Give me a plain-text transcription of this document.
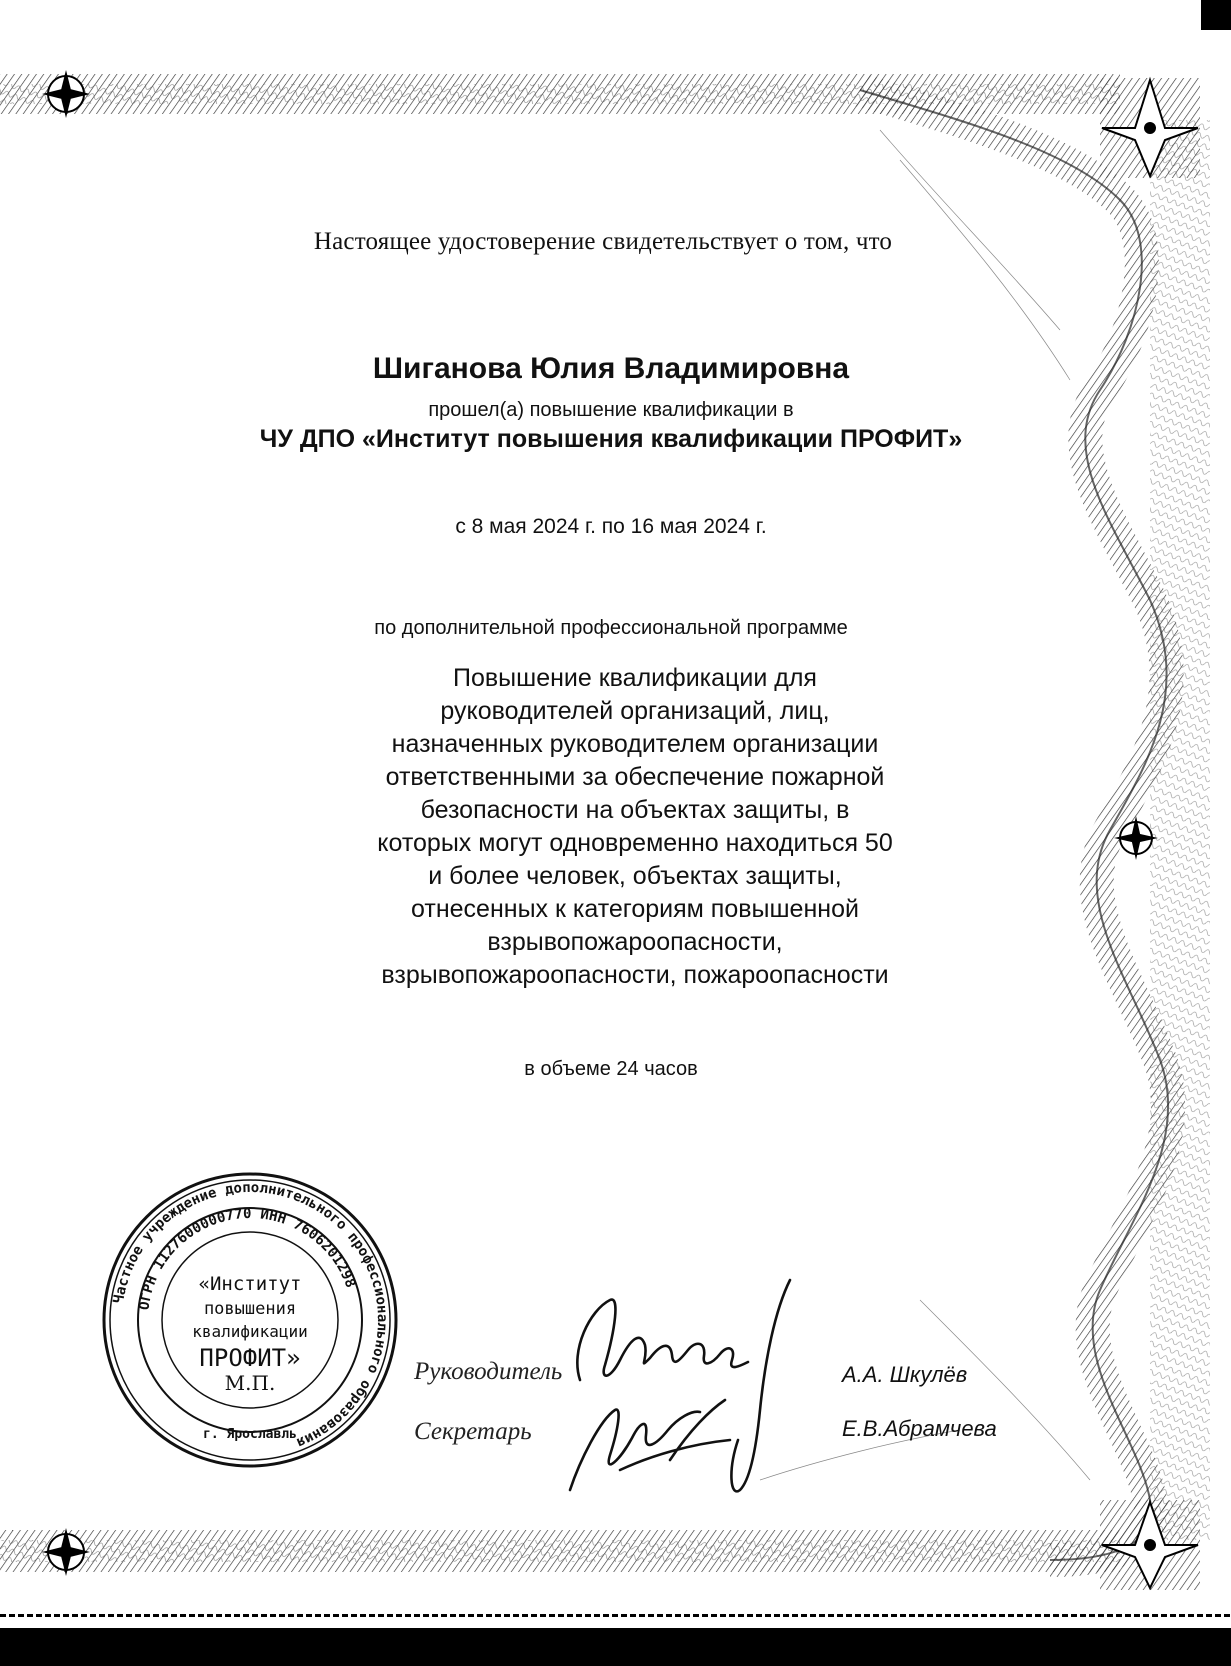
Настоящее удостоверение свидетельствует о том, что
Шиганова Юлия Владимировна
прошел(а) повышение квалификации в
ЧУ ДПО «Институт повышения квалификации ПРОФИТ»
с 8 мая 2024 г. по 16 мая 2024 г.
по дополнительной профессиональной программе
Повышение квалификации для
руководителей организаций, лиц,
назначенных руководителем организации
ответственными за обеспечение пожарной
безопасности на объектах защиты, в
которых могут одновременно находиться 50
и более человек, объектах защиты,
отнесенных к категориям повышенной
взрывопожароопасности,
взрывопожароопасности, пожароопасности
в объеме 24 часов
Частное учреждение дополнительного профессионального образования
ОГРН 1127600000770 ИНН 7606201298
г. Ярославль
«Институт
повышения
квалификации
ПРОФИТ»
М.П.	Руководитель
Секретарь
А.А. Шкулёв
Е.В.Абрамчева
